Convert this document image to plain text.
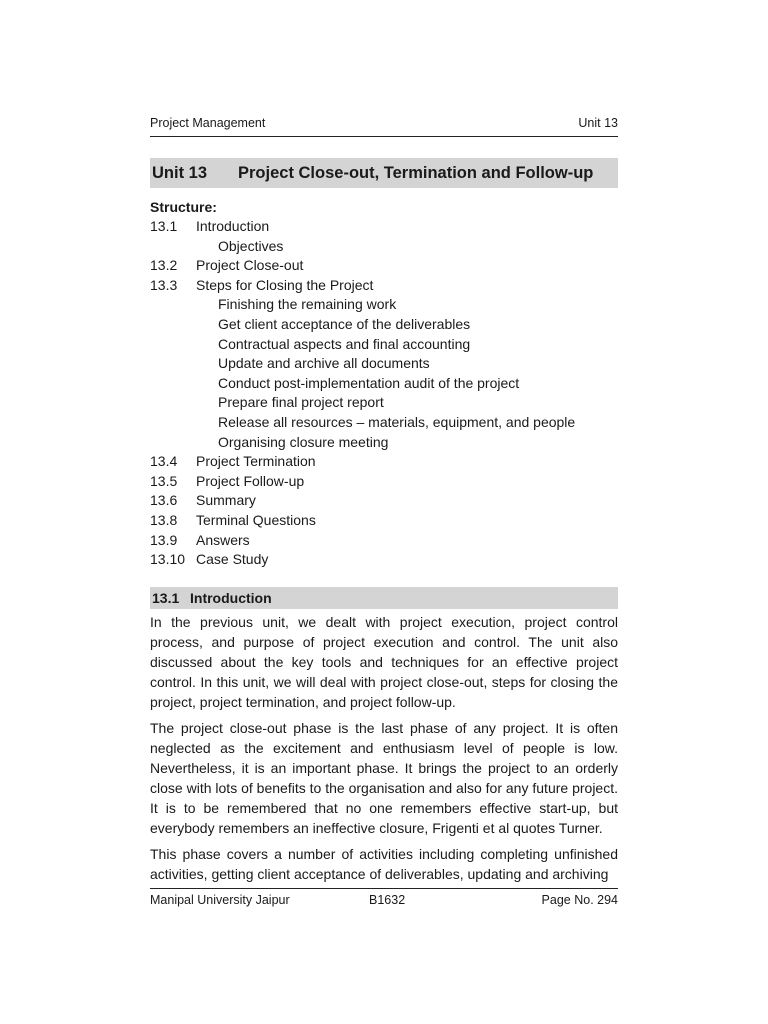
Project Management	Unit 13
Unit 13 Project Close-out, Termination and Follow-up
Structure:
13.1 Introduction
Objectives
13.2 Project Close-out
13.3 Steps for Closing the Project
Finishing the remaining work
Get client acceptance of the deliverables
Contractual aspects and final accounting
Update and archive all documents
Conduct post-implementation audit of the project
Prepare final project report
Release all resources – materials, equipment, and people
Organising closure meeting
13.4 Project Termination
13.5 Project Follow-up
13.6 Summary
13.8 Terminal Questions
13.9 Answers
13.10 Case Study
13.1 Introduction

In the previous unit, we dealt with project execution, project control process, and purpose of project execution and control. The unit also discussed about the key tools and techniques for an effective project control. In this unit, we will deal with project close-out, steps for closing the project, project termination, and project follow-up.

The project close-out phase is the last phase of any project. It is often neglected as the excitement and enthusiasm level of people is low. Nevertheless, it is an important phase. It brings the project to an orderly close with lots of benefits to the organisation and also for any future project. It is to be remembered that no one remembers effective start-up, but everybody remembers an ineffective closure, Frigenti et al quotes Turner.

This phase covers a number of activities including completing unfinished activities, getting client acceptance of deliverables, updating and archiving

Manipal University Jaipur	B1632	Page No. 294
